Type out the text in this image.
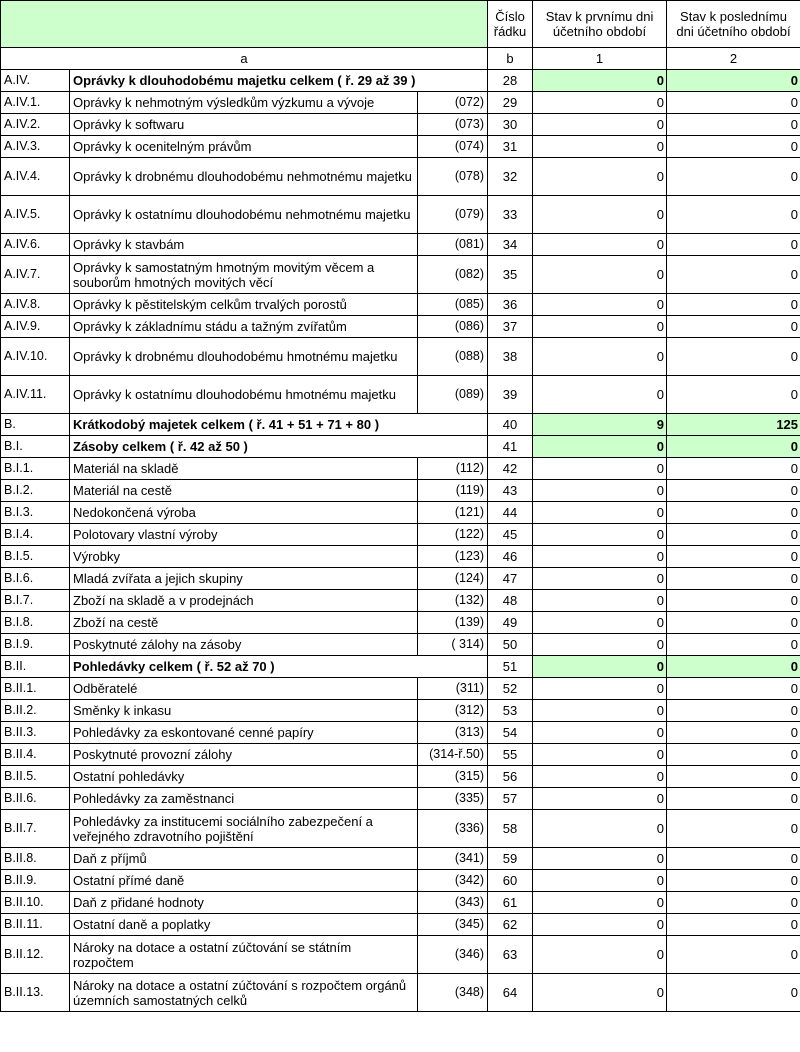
			Číslo řádku	Stav k prvnímu dni účetního období	Stav k poslednímu dni účetního období
a			b	1	2
A.IV.	Oprávky k dlouhodobému majetku celkem ( ř. 29 až 39 )		28	0	0
A.IV.1.	Oprávky k nehmotným výsledkům výzkumu a vývoje	(072)	29	0	0
A.IV.2.	Oprávky k softwaru	(073)	30	0	0
A.IV.3.	Oprávky k ocenitelným právům	(074)	31	0	0
A.IV.4.	Oprávky k drobnému dlouhodobému nehmotnému majetku	(078)	32	0	0
A.IV.5.	Oprávky k ostatnímu dlouhodobému nehmotnému majetku	(079)	33	0	0
A.IV.6.	Oprávky k stavbám	(081)	34	0	0
A.IV.7.	Oprávky k samostatným hmotným movitým věcem a souborům hmotných movitých věcí	(082)	35	0	0
A.IV.8.	Oprávky k pěstitelským celkům trvalých porostů	(085)	36	0	0
A.IV.9.	Oprávky k základnímu stádu a tažným zvířatům	(086)	37	0	0
A.IV.10.	Oprávky k drobnému dlouhodobému hmotnému majetku	(088)	38	0	0
A.IV.11.	Oprávky k ostatnímu dlouhodobému hmotnému majetku	(089)	39	0	0
B.	Krátkodobý majetek celkem ( ř. 41 + 51 + 71 + 80 )		40	9	125
B.I.	Zásoby celkem ( ř. 42 až 50 )		41	0	0
B.I.1.	Materiál na skladě	(112)	42	0	0
B.I.2.	Materiál na cestě	(119)	43	0	0
B.I.3.	Nedokončená výroba	(121)	44	0	0
B.I.4.	Polotovary vlastní výroby	(122)	45	0	0
B.I.5.	Výrobky	(123)	46	0	0
B.I.6.	Mladá zvířata a jejich skupiny	(124)	47	0	0
B.I.7.	Zboží na skladě a v prodejnách	(132)	48	0	0
B.I.8.	Zboží na cestě	(139)	49	0	0
B.I.9.	Poskytnuté zálohy na zásoby	( 314)	50	0	0
B.II.	Pohledávky celkem ( ř. 52 až 70 )		51	0	0
B.II.1.	Odběratelé	(311)	52	0	0
B.II.2.	Směnky k inkasu	(312)	53	0	0
B.II.3.	Pohledávky za eskontované cenné papíry	(313)	54	0	0
B.II.4.	Poskytnuté provozní zálohy	(314-ř.50)	55	0	0
B.II.5.	Ostatní pohledávky	(315)	56	0	0
B.II.6.	Pohledávky za zaměstnanci	(335)	57	0	0
B.II.7.	Pohledávky za institucemi sociálního zabezpečení a veřejného zdravotního pojištění	(336)	58	0	0
B.II.8.	Daň z příjmů	(341)	59	0	0
B.II.9.	Ostatní přímé daně	(342)	60	0	0
B.II.10.	Daň z přidané hodnoty	(343)	61	0	0
B.II.11.	Ostatní daně a poplatky	(345)	62	0	0
B.II.12.	Nároky na dotace a ostatní zúčtování se státním rozpočtem	(346)	63	0	0
B.II.13.	Nároky na dotace a ostatní zúčtování s rozpočtem orgánů územních samostatných celků	(348)	64	0	0
